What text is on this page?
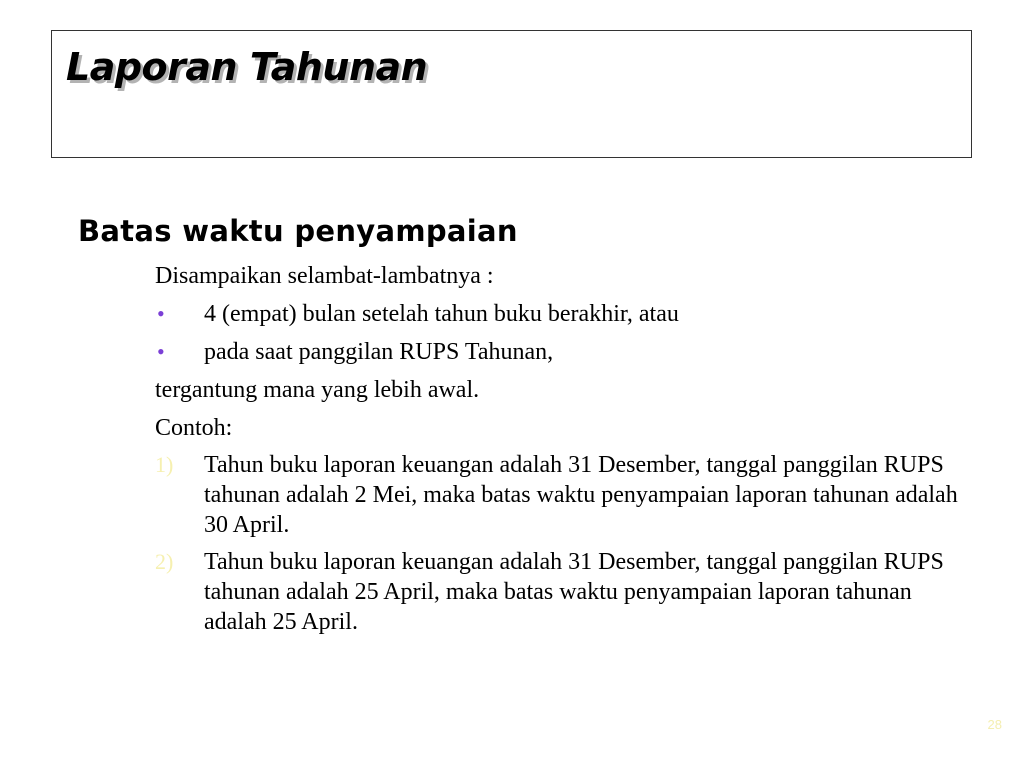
Laporan Tahunan
Batas waktu penyampaian

Disampaikan selambat-lambatnya :

• 4 (empat) bulan setelah tahun buku berakhir, atau
• pada saat panggilan RUPS Tahunan,

tergantung mana yang lebih awal.

Contoh:

1) Tahun buku laporan keuangan adalah 31 Desember, tanggal panggilan RUPS tahunan adalah 2 Mei, maka batas waktu penyampaian laporan tahunan adalah 30 April.

2) Tahun buku laporan keuangan adalah 31 Desember, tanggal panggilan RUPS tahunan adalah 25 April, maka batas waktu penyampaian laporan tahunan adalah 25 April.

28
